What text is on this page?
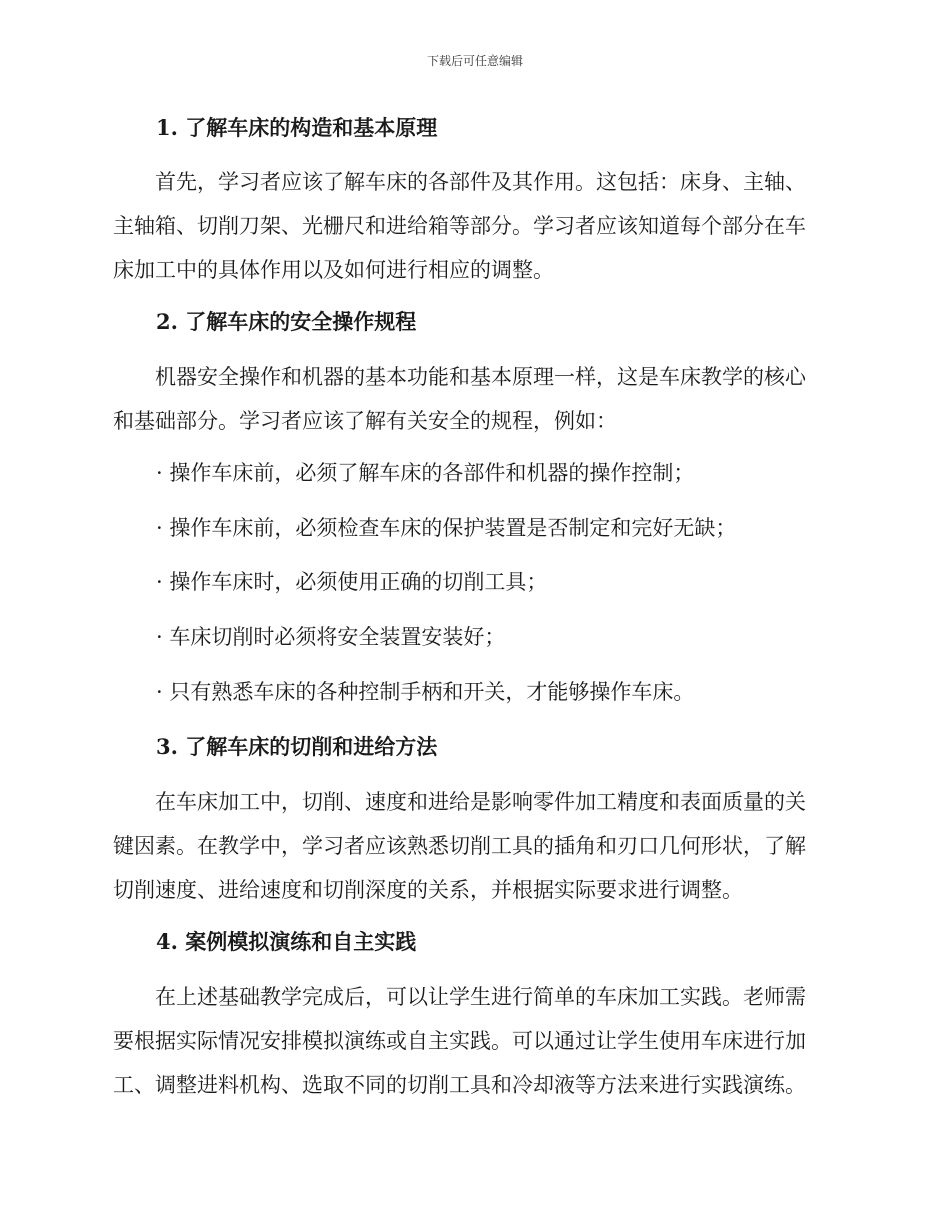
下载后可任意编辑
1. 了解车床的构造和基本原理
首先，学习者应该了解车床的各部件及其作用。这包括：床身、主轴、
主轴箱、切削刀架、光栅尺和进给箱等部分。学习者应该知道每个部分在车
床加工中的具体作用以及如何进行相应的调整。
2. 了解车床的安全操作规程
机器安全操作和机器的基本功能和基本原理一样，这是车床教学的核心
和基础部分。学习者应该了解有关安全的规程，例如：
· 操作车床前，必须了解车床的各部件和机器的操作控制；
· 操作车床前，必须检查车床的保护装置是否制定和完好无缺；
· 操作车床时，必须使用正确的切削工具；
· 车床切削时必须将安全装置安装好；
· 只有熟悉车床的各种控制手柄和开关，才能够操作车床。
3. 了解车床的切削和进给方法
在车床加工中，切削、速度和进给是影响零件加工精度和表面质量的关
键因素。在教学中，学习者应该熟悉切削工具的插角和刃口几何形状，了解
切削速度、进给速度和切削深度的关系，并根据实际要求进行调整。
4. 案例模拟演练和自主实践
在上述基础教学完成后，可以让学生进行简单的车床加工实践。老师需
要根据实际情况安排模拟演练或自主实践。可以通过让学生使用车床进行加
工、调整进料机构、选取不同的切削工具和冷却液等方法来进行实践演练。
